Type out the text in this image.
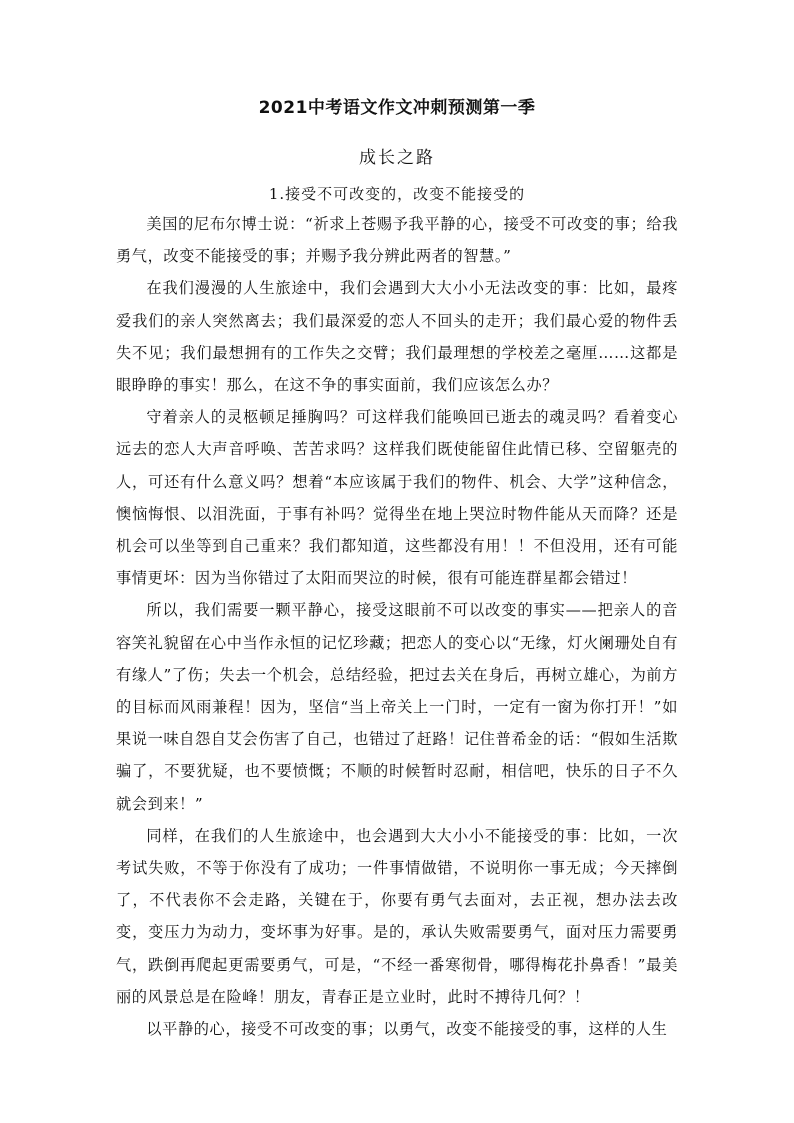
2021中考语文作文冲刺预测第一季
成长之路
1.接受不可改变的，改变不能接受的

美国的尼布尔博士说：“祈求上苍赐予我平静的心，接受不可改变的事；给我勇气，改变不能接受的事；并赐予我分辨此两者的智慧。”

在我们漫漫的人生旅途中，我们会遇到大大小小无法改变的事：比如，最疼爱我们的亲人突然离去；我们最深爱的恋人不回头的走开；我们最心爱的物件丢失不见；我们最想拥有的工作失之交臂；我们最理想的学校差之毫厘……这都是眼睁睁的事实！那么，在这不争的事实面前，我们应该怎么办？

守着亲人的灵柩顿足捶胸吗？可这样我们能唤回已逝去的魂灵吗？看着变心远去的恋人大声音呼唤、苦苦求吗？这样我们既使能留住此情已移、空留躯壳的人，可还有什么意义吗？想着“本应该属于我们的物件、机会、大学”这种信念，懊恼悔恨、以泪洗面，于事有补吗？觉得坐在地上哭泣时物件能从天而降？还是机会可以坐等到自己重来？我们都知道，这些都没有用！！不但没用，还有可能事情更坏：因为当你错过了太阳而哭泣的时候，很有可能连群星都会错过！

所以，我们需要一颗平静心，接受这眼前不可以改变的事实——把亲人的音容笑礼貌留在心中当作永恒的记忆珍藏；把恋人的变心以“无缘，灯火阑珊处自有有缘人”了伤；失去一个机会，总结经验，把过去关在身后，再树立雄心，为前方的目标而风雨兼程！因为，坚信“当上帝关上一门时，一定有一窗为你打开！”如果说一味自怨自艾会伤害了自己，也错过了赶路！记住普希金的话：“假如生活欺骗了，不要犹疑，也不要愤慨；不顺的时候暂时忍耐，相信吧，快乐的日子不久就会到来！”

同样，在我们的人生旅途中，也会遇到大大小小不能接受的事：比如，一次考试失败，不等于你没有了成功；一件事情做错，不说明你一事无成；今天摔倒了，不代表你不会走路，关键在于，你要有勇气去面对，去正视，想办法去改变，变压力为动力，变坏事为好事。是的，承认失败需要勇气，面对压力需要勇气，跌倒再爬起更需要勇气，可是，“不经一番寒彻骨，哪得梅花扑鼻香！”最美丽的风景总是在险峰！朋友，青春正是立业时，此时不搏待几何？！

以平静的心，接受不可改变的事；以勇气，改变不能接受的事，这样的人生
